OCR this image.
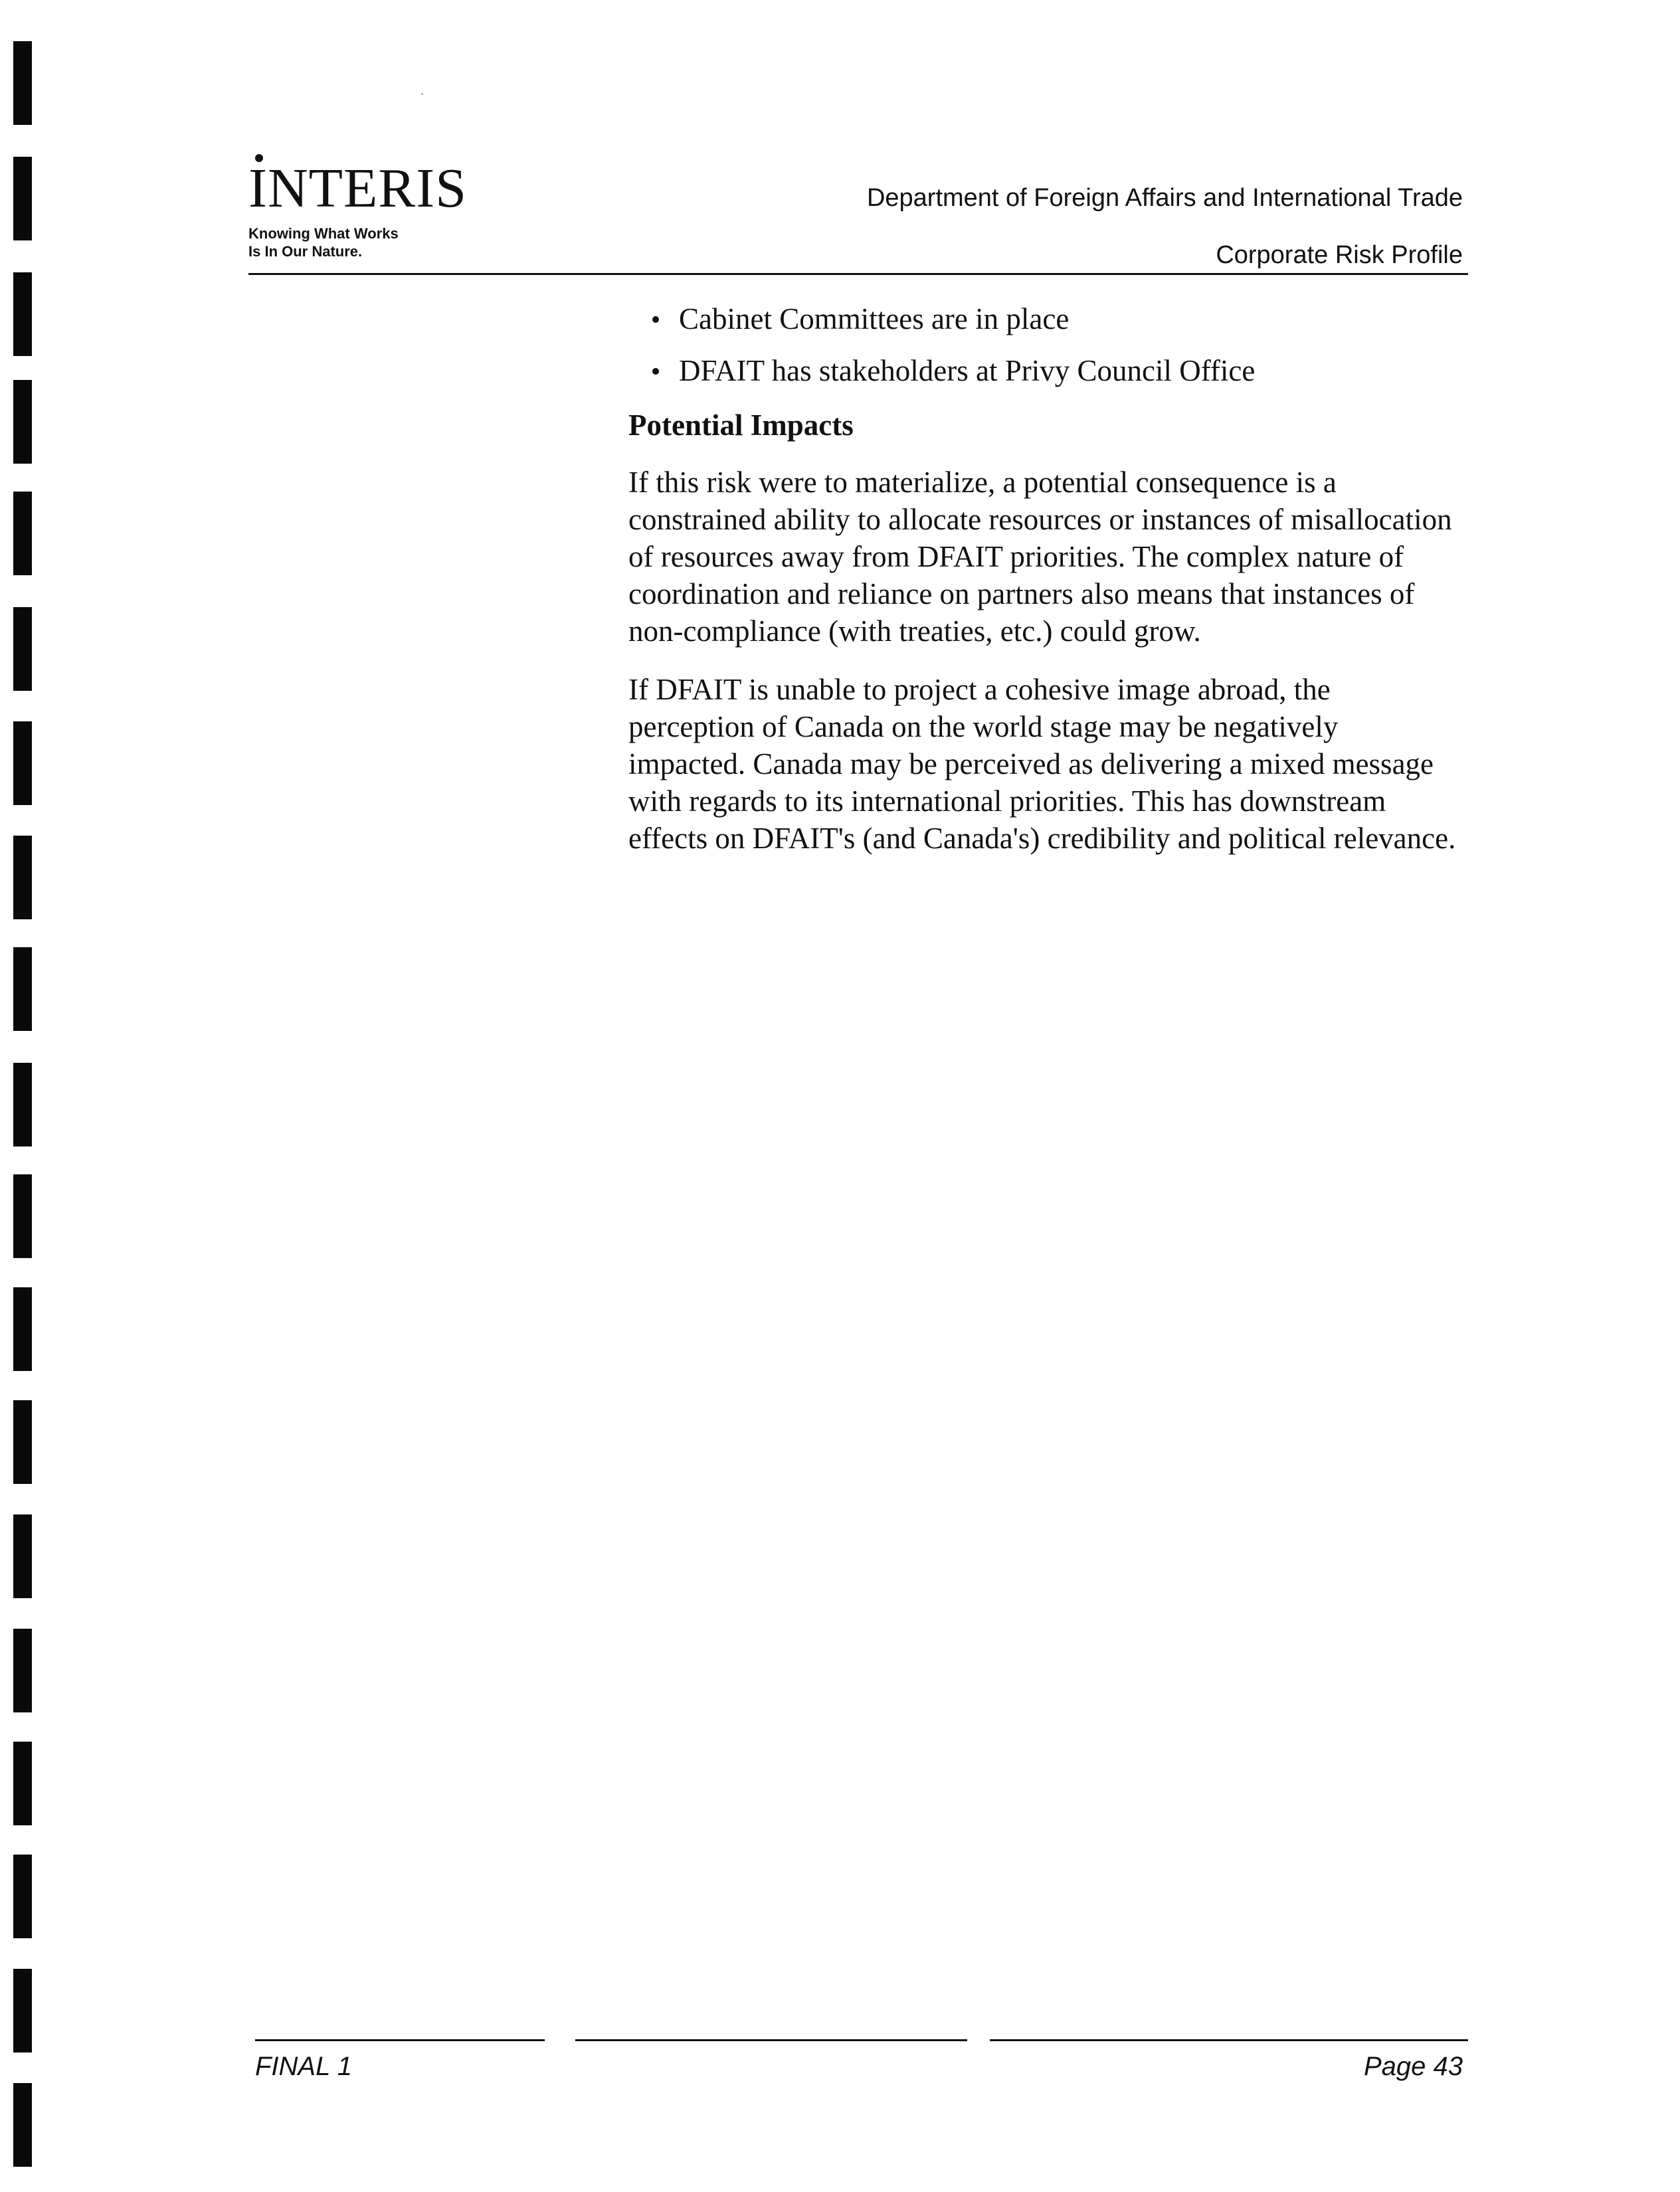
INTERIS
Knowing What Works
Is In Our Nature.
Department of Foreign Affairs and International Trade
Corporate Risk Profile
Cabinet Committees are in place
DFAIT has stakeholders at Privy Council Office
Potential Impacts

If this risk were to materialize, a potential consequence is a constrained ability to allocate resources or instances of misallocation of resources away from DFAIT priorities. The complex nature of coordination and reliance on partners also means that instances of non-compliance (with treaties, etc.) could grow.

If DFAIT is unable to project a cohesive image abroad, the perception of Canada on the world stage may be negatively impacted. Canada may be perceived as delivering a mixed message with regards to its international priorities. This has downstream effects on DFAIT's (and Canada's) credibility and political relevance.

FINAL 1	Page 43
